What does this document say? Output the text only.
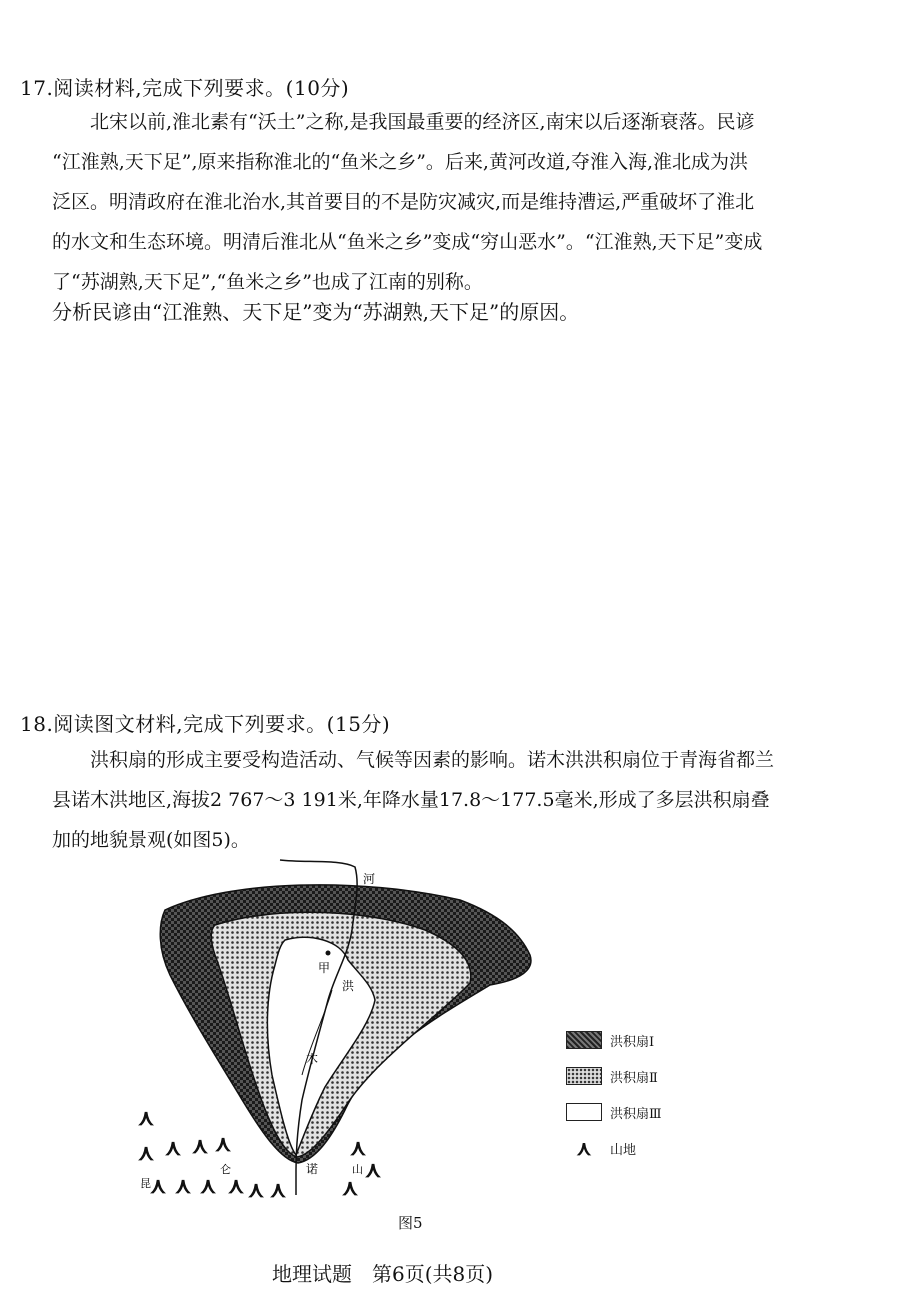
17.阅读材料,完成下列要求。(10分)
北宋以前,淮北素有“沃土”之称,是我国最重要的经济区,南宋以后逐渐衰落。民谚
“江淮熟,天下足”,原来指称淮北的“鱼米之乡”。后来,黄河改道,夺淮入海,淮北成为洪
泛区。明清政府在淮北治水,其首要目的不是防灾减灾,而是维持漕运,严重破坏了淮北
的水文和生态环境。明清后淮北从“鱼米之乡”变成“穷山恶水”。“江淮熟,天下足”变成
了“苏湖熟,天下足”,“鱼米之乡”也成了江南的别称。
分析民谚由“江淮熟、天下足”变为“苏湖熟,天下足”的原因。
18.阅读图文材料,完成下列要求。(15分)
洪积扇的形成主要受构造活动、气候等因素的影响。诺木洪洪积扇位于青海省都兰
县诺木洪地区,海拔2 767～3 191米,年降水量17.8～177.5毫米,形成了多层洪积扇叠
加的地貌景观(如图5)。
甲
河
洪
木
诺
⋏
⋏ ⋏ ⋏ ⋏
⋏ ⋏ ⋏ ⋏ ⋏ ⋏
⋏
⋏
⋏
昆
仑	山
洪积扇Ⅰ
洪积扇Ⅱ
洪积扇Ⅲ
⋏	山地
图5
地理试题　第6页(共8页)
